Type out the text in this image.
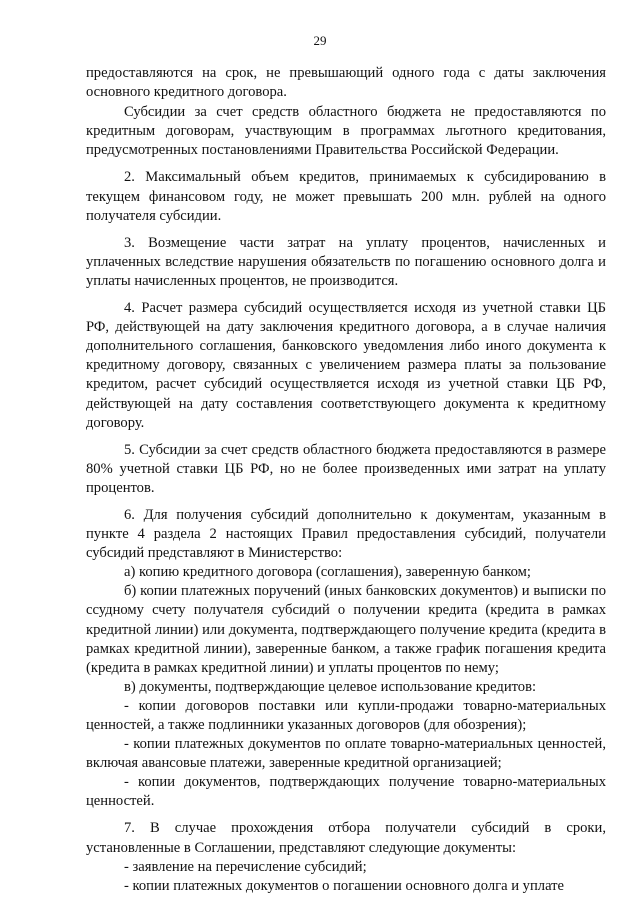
29

предоставляются на срок, не превышающий одного года с даты заключения основного кредитного договора.

Субсидии за счет средств областного бюджета не предоставляются по кредитным договорам, участвующим в программах льготного кредитования, предусмотренных постановлениями Правительства Российской Федерации.

2. Максимальный объем кредитов, принимаемых к субсидированию в текущем финансовом году, не может превышать 200 млн. рублей на одного получателя субсидии.

3. Возмещение части затрат на уплату процентов, начисленных и уплаченных вследствие нарушения обязательств по погашению основного долга и уплаты начисленных процентов, не производится.

4. Расчет размера субсидий осуществляется исходя из учетной ставки ЦБ РФ, действующей на дату заключения кредитного договора, а в случае наличия дополнительного соглашения, банковского уведомления либо иного документа к кредитному договору, связанных с увеличением размера платы за пользование кредитом, расчет субсидий осуществляется исходя из учетной ставки ЦБ РФ, действующей на дату составления соответствующего документа к кредитному договору.

5. Субсидии за счет средств областного бюджета предоставляются в размере 80% учетной ставки ЦБ РФ, но не более произведенных ими затрат на уплату процентов.

6. Для получения субсидий дополнительно к документам, указанным в пункте 4 раздела 2 настоящих Правил предоставления субсидий, получатели субсидий представляют в Министерство:

а) копию кредитного договора (соглашения), заверенную банком;

б) копии платежных поручений (иных банковских документов) и выписки по ссудному счету получателя субсидий о получении кредита (кредита в рамках кредитной линии) или документа, подтверждающего получение кредита (кредита в рамках кредитной линии), заверенные банком, а также график погашения кредита (кредита в рамках кредитной линии) и уплаты процентов по нему;

в) документы, подтверждающие целевое использование кредитов:

- копии договоров поставки или купли-продажи товарно-материальных ценностей, а также подлинники указанных договоров (для обозрения);

- копии платежных документов по оплате товарно-материальных ценностей, включая авансовые платежи, заверенные кредитной организацией;

- копии документов, подтверждающих получение товарно-материальных ценностей.

7. В случае прохождения отбора получатели субсидий в сроки, установленные в Соглашении, представляют следующие документы:

- заявление на перечисление субсидий;

- копии платежных документов о погашении основного долга и уплате
